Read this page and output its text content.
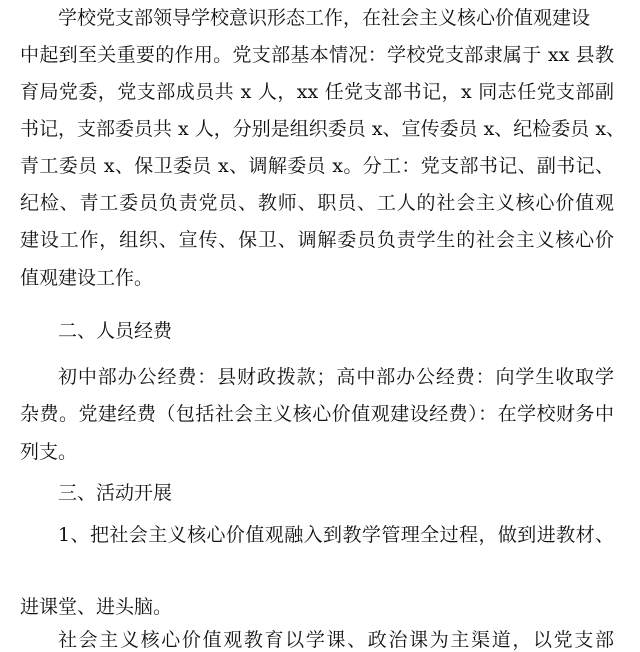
学校党支部领导学校意识形态工作，在社会主义核心价值观建设
中起到至关重要的作用。党支部基本情况：学校党支部隶属于 xx 县教
育局党委，党支部成员共 x 人，xx 任党支部书记，x 同志任党支部副
书记，支部委员共 x 人，分别是组织委员 x、宣传委员 x、纪检委员 x、
青工委员 x、保卫委员 x、调解委员 x。分工：党支部书记、副书记、
纪检、青工委员负责党员、教师、职员、工人的社会主义核心价值观
建设工作，组织、宣传、保卫、调解委员负责学生的社会主义核心价
值观建设工作。
二、人员经费
初中部办公经费：县财政拨款；高中部办公经费：向学生收取学
杂费。党建经费（包括社会主义核心价值观建设经费）：在学校财务中
列支。
三、活动开展
1、把社会主义核心价值观融入到教学管理全过程，做到进教材、
进课堂、进头脑。
社会主义核心价值观教育以学课、政治课为主渠道，以党支部
